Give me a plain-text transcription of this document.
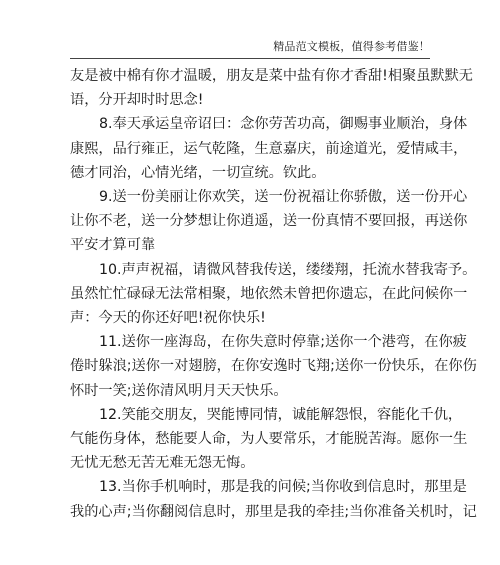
精品范文模板，值得参考借鉴！
友是被中棉有你才温暖，朋友是菜中盐有你才香甜!相聚虽默默无
语，分开却时时思念!
8.奉天承运皇帝诏曰：念你劳苦功高，御赐事业顺治，身体
康熙，品行雍正，运气乾隆，生意嘉庆，前途道光，爱情咸丰，
德才同治，心情光绪，一切宣统。钦此。
9.送一份美丽让你欢笑，送一份祝福让你骄傲，送一份开心
让你不老，送一分梦想让你逍遥，送一份真情不要回报，再送你
平安才算可靠
10.声声祝福，请微风替我传送，缕缕翔，托流水替我寄予。
虽然忙忙碌碌无法常相聚，地依然未曾把你遗忘，在此问候你一
声：今天的你还好吧!祝你快乐!
11.送你一座海岛，在你失意时停靠;送你一个港弯，在你疲
倦时躲浪;送你一对翅膀，在你安逸时飞翔;送你一份快乐，在你伤
怀时一笑;送你清风明月天天快乐。
12.笑能交朋友，哭能博同情，诚能解怨恨，容能化千仇，
气能伤身体，愁能要人命，为人要常乐，才能脱苦海。愿你一生
无忧无愁无苦无难无怨无悔。
13.当你手机响时，那是我的问候;当你收到信息时，那里是
我的心声;当你翻阅信息时，那里是我的牵挂;当你准备关机时，记
